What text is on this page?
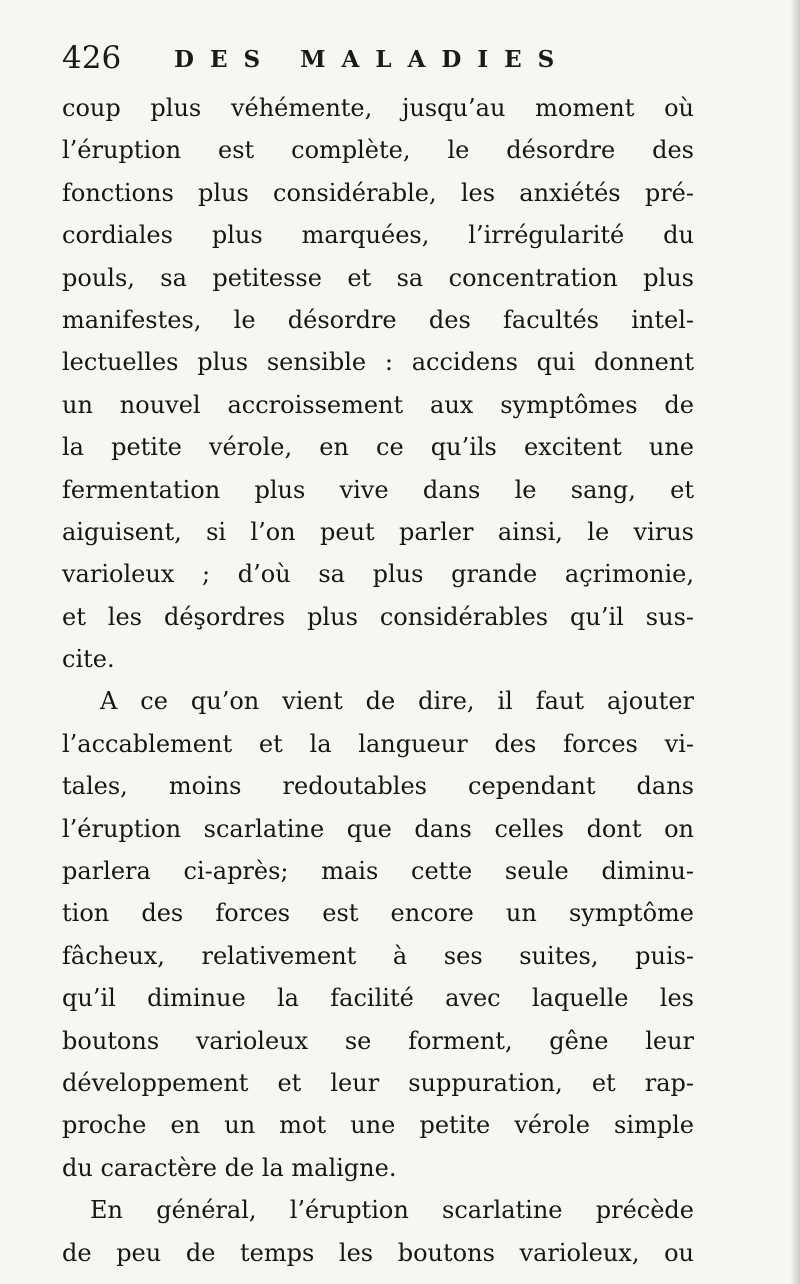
426 DES MALADIES
coup plus véhémente, jusqu’au moment où
l’éruption est complète, le désordre des
fonctions plus considérable, les anxiétés pré-
cordiales plus marquées, l’irrégularité du
pouls, sa petitesse et sa concentration plus
manifestes, le désordre des facultés intel-
lectuelles plus sensible : accidens qui donnent
un nouvel accroissement aux symptômes de
la petite vérole, en ce qu’ils excitent une
fermentation plus vive dans le sang, et
aiguisent, si l’on peut parler ainsi, le virus
varioleux ; d’où sa plus grande açrimonie,
et les déşordres plus considérables qu’il sus-
cite.
A ce qu’on vient de dire, il faut ajouter
l’accablement et la langueur des forces vi-
tales, moins redoutables cependant dans
l’éruption scarlatine que dans celles dont on
parlera ci-après; mais cette seule diminu-
tion des forces est encore un symptôme
fâcheux, relativement à ses suites, puis-
qu’il diminue la facilité avec laquelle les
boutons varioleux se forment, gêne leur
développement et leur suppuration, et rap-
proche en un mot une petite vérole simple
du caractère de la maligne.
En général, l’éruption scarlatine précède
de peu de temps les boutons varioleux, ou
